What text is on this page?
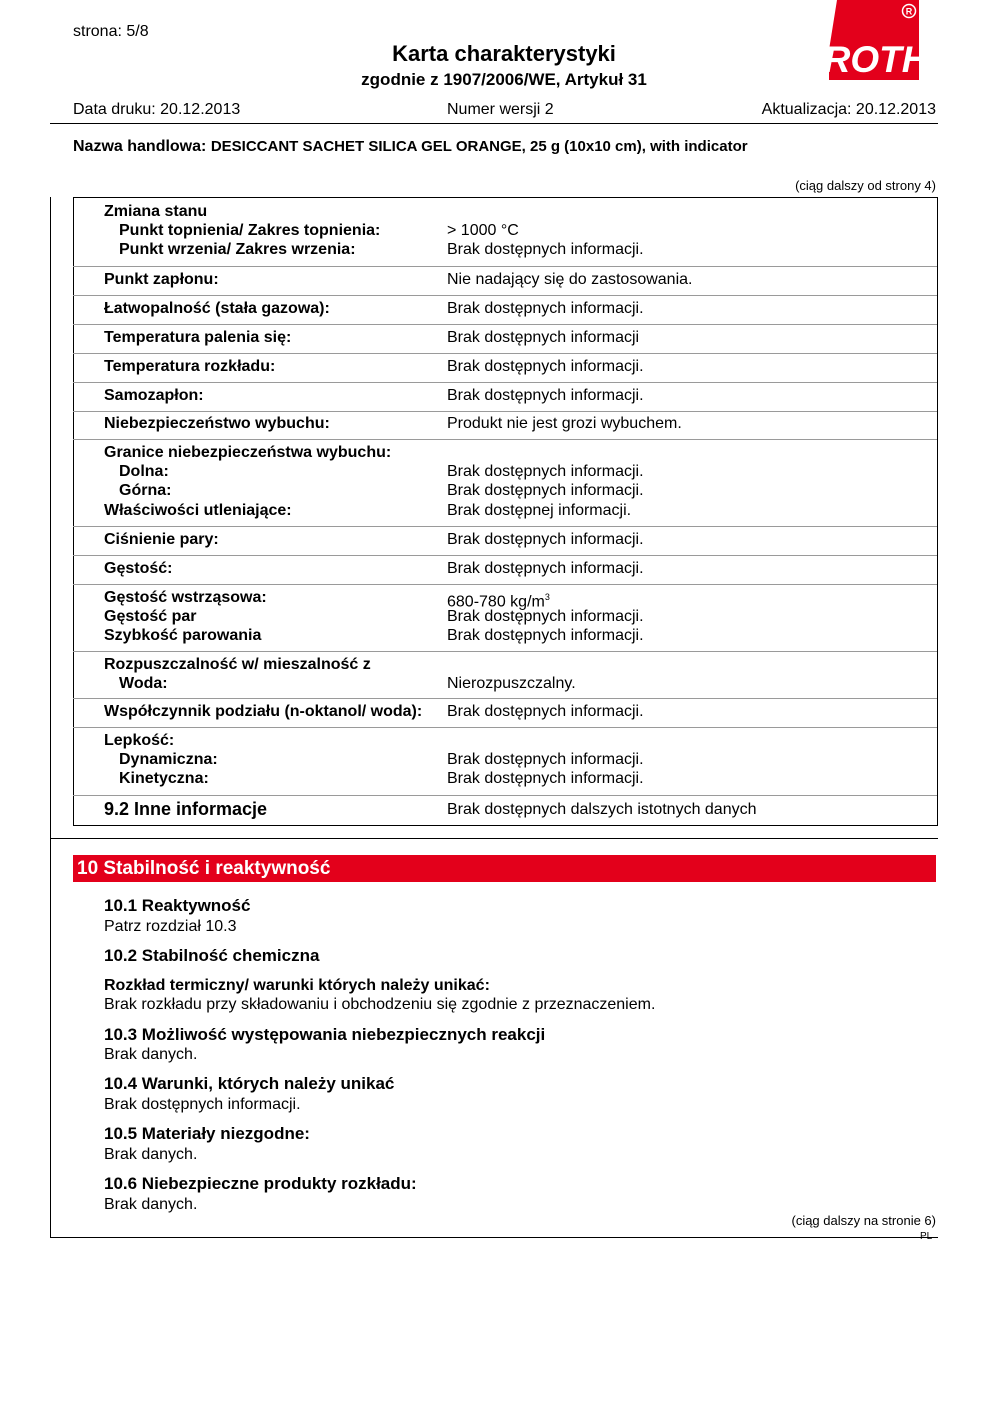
strona: 5/8
Karta charakterystyki
zgodnie z 1907/2006/WE, Artykuł 31
R
ROTH
Data druku: 20.12.2013	Numer wersji 2	Aktualizacja: 20.12.2013
Nazwa handlowa: DESICCANT SACHET SILICA GEL ORANGE, 25 g (10x10 cm), with indicator
(ciąg dalszy od strony 4)
Zmiana stanu
Punkt topnienia/ Zakres topnienia:	> 1000 °C
Punkt wrzenia/ Zakres wrzenia:	Brak dostępnych informacji.
Punkt zapłonu:	Nie nadający się do zastosowania.
Łatwopalność (stała gazowa):	Brak dostępnych informacji.
Temperatura palenia się:	Brak dostępnych informacji
Temperatura rozkładu:	Brak dostępnych informacji.
Samozapłon:	Brak dostępnych informacji.
Niebezpieczeństwo wybuchu:	Produkt nie jest grozi wybuchem.
Granice niebezpieczeństwa wybuchu:
Dolna:	Brak dostępnych informacji.
Górna:	Brak dostępnych informacji.
Właściwości utleniające:	Brak dostępnej informacji.
Ciśnienie pary:	Brak dostępnych informacji.
Gęstość:	Brak dostępnych informacji.
Gęstość wstrząsowa:	680-780 $kg/m^3$
Gęstość par	Brak dostępnych informacji.
Szybkość parowania	Brak dostępnych informacji.
Rozpuszczalność w/ mieszalność z
Woda:	Nierozpuszczalny.
Współczynnik podziału (n-oktanol/ woda): Brak dostępnych informacji.
Lepkość:
Dynamiczna:	Brak dostępnych informacji.
Kinetyczna:	Brak dostępnych informacji.
9.2 Inne informacje	Brak dostępnych dalszych istotnych danych
10 Stabilność i reaktywność
10.1 Reaktywność
Patrz rozdział 10.3
10.2 Stabilność chemiczna
Rozkład termiczny/ warunki których należy unikać:
Brak rozkładu przy składowaniu i obchodzeniu się zgodnie z przeznaczeniem.
10.3 Możliwość występowania niebezpiecznych reakcji
Brak danych.
10.4 Warunki, których należy unikać
Brak dostępnych informacji.
10.5 Materiały niezgodne:
Brak danych.
10.6 Niebezpieczne produkty rozkładu:
Brak danych.
(ciąg dalszy na stronie 6)
PL
